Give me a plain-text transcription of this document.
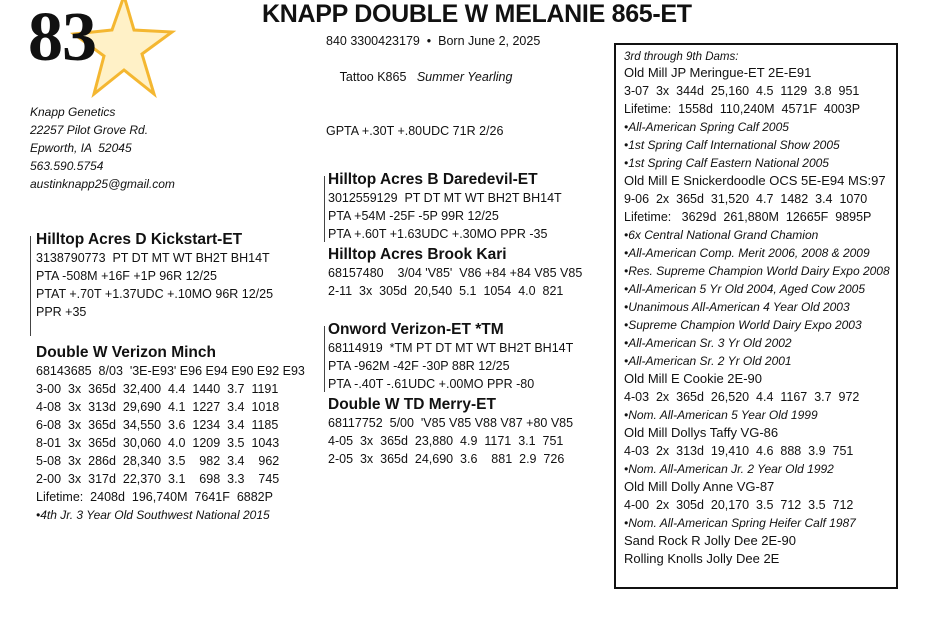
83	KNAPP DOUBLE W MELANIE 865-ET
Knapp Genetics
22257 Pilot Grove Rd.
Epworth, IA  52045
563.590.5754
austinknapp25@gmail.com
840 3300423179  •  Born June 2, 2025

Tattoo K865 Summer Yearling

GPTA +.30T +.80UDC 71R 2/26
Hilltop Acres D Kickstart-ET
3138790773  PT DT MT WT BH2T BH14T
PTA -508M +16F +1P 96R 12/25
PTAT +.70T +1.37UDC +.10MO 96R 12/25
PPR +35
Double W Verizon Minch
68143685  8/03  '3E-E93' E96 E94 E90 E92 E93
3-00  3x  365d  32,400  4.4  1440  3.7  1191
4-08  3x  313d  29,690  4.1  1227  3.4  1018
6-08  3x  365d  34,550  3.6  1234  3.4  1185
8-01  3x  365d  30,060  4.0  1209  3.5  1043
5-08  3x  286d  28,340  3.5    982  3.4    962
2-00  3x  317d  22,370  3.1    698  3.3    745
Lifetime:  2408d  196,740M  7641F  6882P
•4th Jr. 3 Year Old Southwest National 2015
Hilltop Acres B Daredevil-ET
3012559129  PT DT MT WT BH2T BH14T
PTA +54M -25F -5P 99R 12/25
PTA +.60T +1.63UDC +.30MO PPR -35
Hilltop Acres Brook Kari
68157480    3/04 'V85'  V86 +84 +84 V85 V85
2-11  3x  305d  20,540  5.1  1054  4.0  821
Onword Verizon-ET *TM
68114919  *TM PT DT MT WT BH2T BH14T
PTA -962M -42F -30P 88R 12/25
PTA -.40T -.61UDC +.00MO PPR -80
Double W TD Merry-ET
68117752  5/00  'V85 V85 V88 V87 +80 V85
4-05  3x  365d  23,880  4.9  1171  3.1  751
2-05  3x  365d  24,690  3.6    881  2.9  726
3rd through 9th Dams:
Old Mill JP Meringue-ET 2E-E91
3-07  3x  344d  25,160  4.5  1129  3.8  951
Lifetime:  1558d  110,240M  4571F  4003P
•All-American Spring Calf 2005
•1st Spring Calf International Show 2005
•1st Spring Calf Eastern National 2005
Old Mill E Snickerdoodle OCS 5E-E94 MS:97
9-06  2x  365d  31,520  4.7  1482  3.4  1070
Lifetime:   3629d  261,880M  12665F  9895P
•6x Central National Grand Chamion
•All-American Comp. Merit 2006, 2008 & 2009
•Res. Supreme Champion World Dairy Expo 2008
•All-American 5 Yr Old 2004, Aged Cow 2005
•Unanimous All-American 4 Year Old 2003
•Supreme Champion World Dairy Expo 2003
•All-American Sr. 3 Yr Old 2002
•All-American Sr. 2 Yr Old 2001
Old Mill E Cookie 2E-90
4-03  2x  365d  26,520  4.4  1167  3.7  972
•Nom. All-American 5 Year Old 1999
Old Mill Dollys Taffy VG-86
4-03  2x  313d  19,410  4.6  888  3.9  751
•Nom. All-American Jr. 2 Year Old 1992
Old Mill Dolly Anne VG-87
4-00  2x  305d  20,170  3.5  712  3.5  712
•Nom. All-American Spring Heifer Calf 1987
Sand Rock R Jolly Dee 2E-90
Rolling Knolls Jolly Dee 2E
